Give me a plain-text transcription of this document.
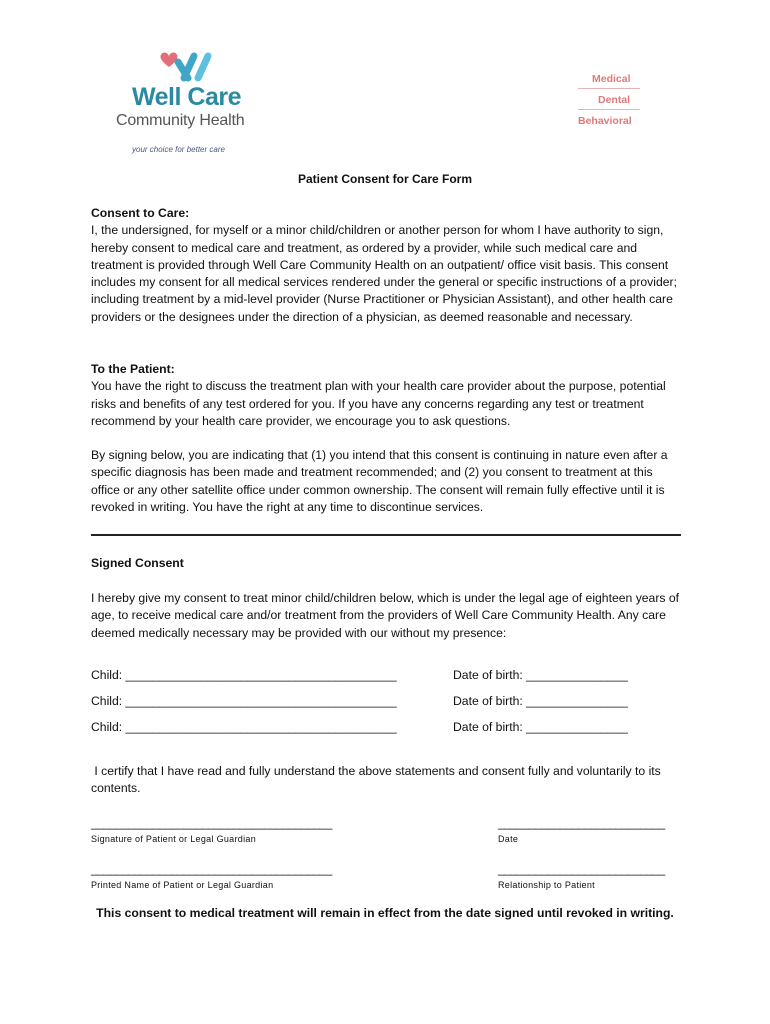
Well Care
Community Health
your choice for better care
Medical
Dental
Behavioral
Patient Consent for Care Form
Consent to Care:
I, the undersigned, for myself or a minor child/children or another person for whom I have authority to sign, hereby consent to medical care and treatment, as ordered by a provider, while such medical care and treatment is provided through Well Care Community Health on an outpatient/ office visit basis. This consent includes my consent for all medical services rendered under the general or specific instructions of a provider; including treatment by a mid-level provider (Nurse Practitioner or Physician Assistant), and other health care providers or the designees under the direction of a physician, as deemed reasonable and necessary.
To the Patient:
You have the right to discuss the treatment plan with your health care provider about the purpose, potential risks and benefits of any test ordered for you. If you have any concerns regarding any test or treatment recommend by your health care provider, we encourage you to ask questions.
By signing below, you are indicating that (1) you intend that this consent is continuing in nature even after a specific diagnosis has been made and treatment recommended; and (2) you consent to treatment at this office or any other satellite office under common ownership. The consent will remain fully effective until it is revoked in writing. You have the right at any time to discontinue services.
Signed Consent
I hereby give my consent to treat minor child/children below, which is under the legal age of eighteen years of age, to receive medical care and/or treatment from the providers of Well Care Community Health. Any care deemed medically necessary may be provided with our without my presence:
Child: ________________________________________	Date of birth: _______________
Child: ________________________________________	Date of birth: _______________
Child: ________________________________________	Date of birth: _______________
I certify that I have read and fully understand the above statements and consent fully and voluntarily to its contents.
_______________________________________
Signature of Patient or Legal Guardian
___________________________
Date
_______________________________________
Printed Name of Patient or Legal Guardian
___________________________
Relationship to Patient
This consent to medical treatment will remain in effect from the date signed until revoked in writing.
